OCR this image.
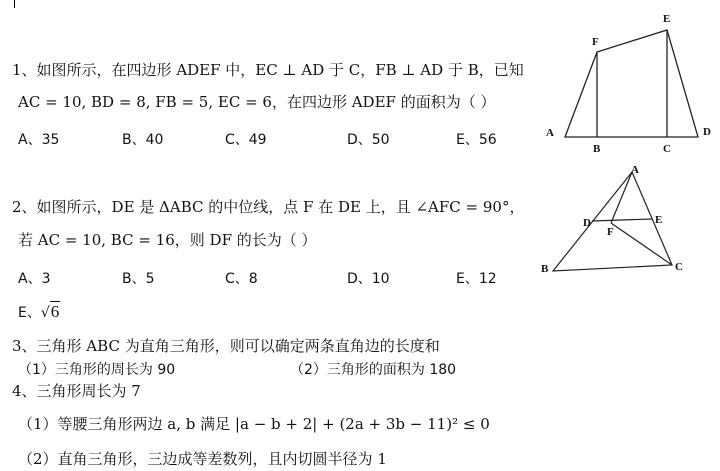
1、如图所示，在四边形 ADEF 中，EC ⊥ AD 于 C，FB ⊥ AD 于 B，已知
AC = 10, BD = 8, FB = 5, EC = 6，在四边形 ADEF 的面积为（ ）
A、35	B、40	C、49	D、50	E、56
E
F
A	D
B	C
2、如图所示，DE 是 ΔABC 的中位线，点 F 在 DE 上，且 ∠AFC = 90°，
若 AC = 10, BC = 16，则 DF 的长为（ ）
A、3	B、5	C、8	D、10	E、12
E、√6
A
D	E
F
B	C
3、三角形 ABC 为直角三角形，则可以确定两条直角边的长度和
（1）三角形的周长为 90	（2）三角形的面积为 180
4、三角形周长为 7
（1）等腰三角形两边 a, b 满足 |a − b + 2| + (2a + 3b − 11)² ≤ 0
（2）直角三角形，三边成等差数列，且内切圆半径为 1
